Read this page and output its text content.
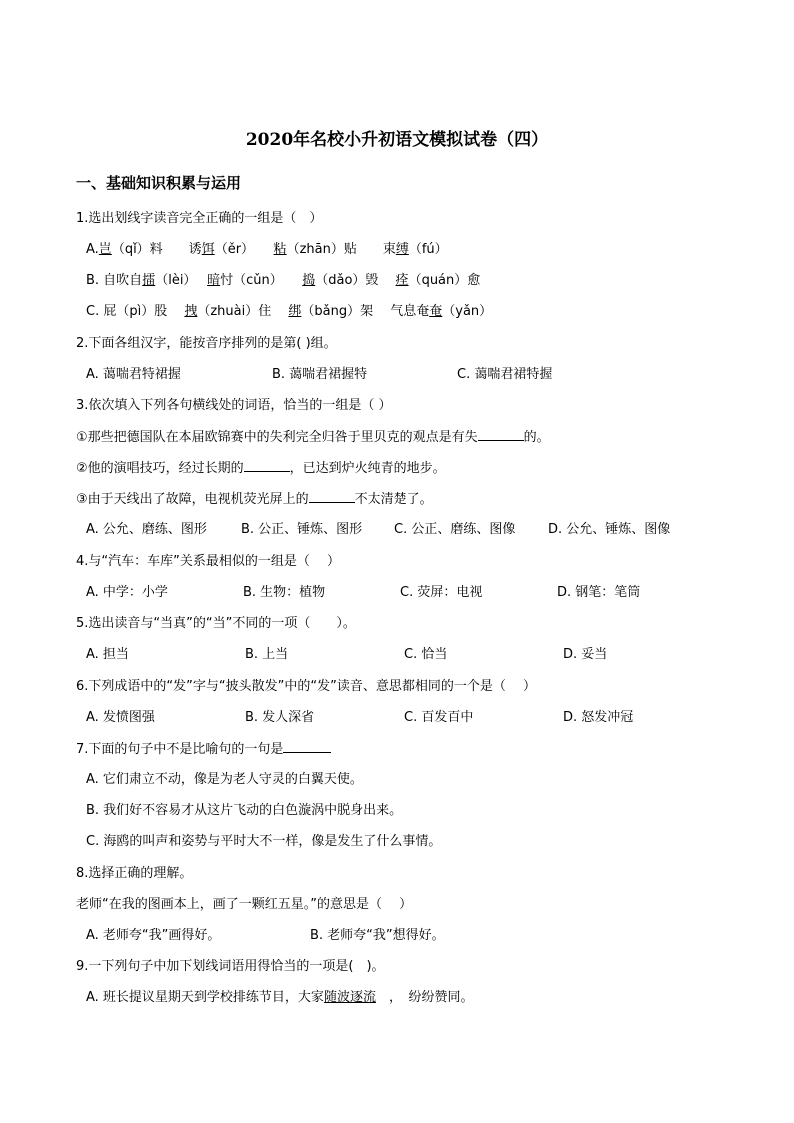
2020年名校小升初语文模拟试卷（四）
一、基础知识积累与运用
1.选出划线字读音完全正确的一组是（　）
A.岂（qǐ）料　　诱饵（ěr）　　粘（zhān）贴　　束缚（fú）
B. 自吹自擂（lèi）　 暗忖（cǔn）　　捣（dǎo）毁　 痊（quán）愈
C. 屁（pì）股　 拽（zhuài）住　 绑（bǎng）架　 气息奄奄（yǎn）
2.下面各组汉字，能按音序排列的是第( )组。
A. 蔼喘君特裙握	B. 蔼喘君裙握特	C. 蔼喘君裙特握
3.依次填入下列各句横线处的词语，恰当的一组是（ ）
①那些把德国队在本届欧锦赛中的失利完全归咎于里贝克的观点是有失	的。
②他的演唱技巧，经过长期的	，已达到炉火纯青的地步。
③由于天线出了故障，电视机荧光屏上的	不太清楚了。
A. 公允、磨练、图形	B. 公正、锤炼、图形 C. 公正、磨练、图像	D. 公允、锤炼、图像
4.与“汽车：车库”关系最相似的一组是（　 ）
A. 中学：小学	B. 生物：植物	C. 荧屏：电视	D. 钢笔：笔筒
5.选出读音与“当真”的“当”不同的一项（　　）。
A. 担当	B. 上当	C. 恰当	D. 妥当
6.下列成语中的“发”字与“披头散发”中的“发”读音、意思都相同的一个是（　 ）
A. 发愤图强	B. 发人深省	C. 百发百中	D. 怒发冲冠
7.下面的句子中不是比喻句的一句是
A. 它们肃立不动，像是为老人守灵的白翼天使。
B. 我们好不容易才从这片飞动的白色漩涡中脱身出来。
C. 海鸥的叫声和姿势与平时大不一样，像是发生了什么事情。
8.选择正确的理解。
老师“在我的图画本上，画了一颗红五星。”的意思是（　 ）
A. 老师夸“我”画得好。	B. 老师夸“我”想得好。
9.一下列句子中加下划线词语用得恰当的一项是(　)。
A. 班长提议星期天到学校排练节目，大家随波逐流　，　纷纷赞同。
